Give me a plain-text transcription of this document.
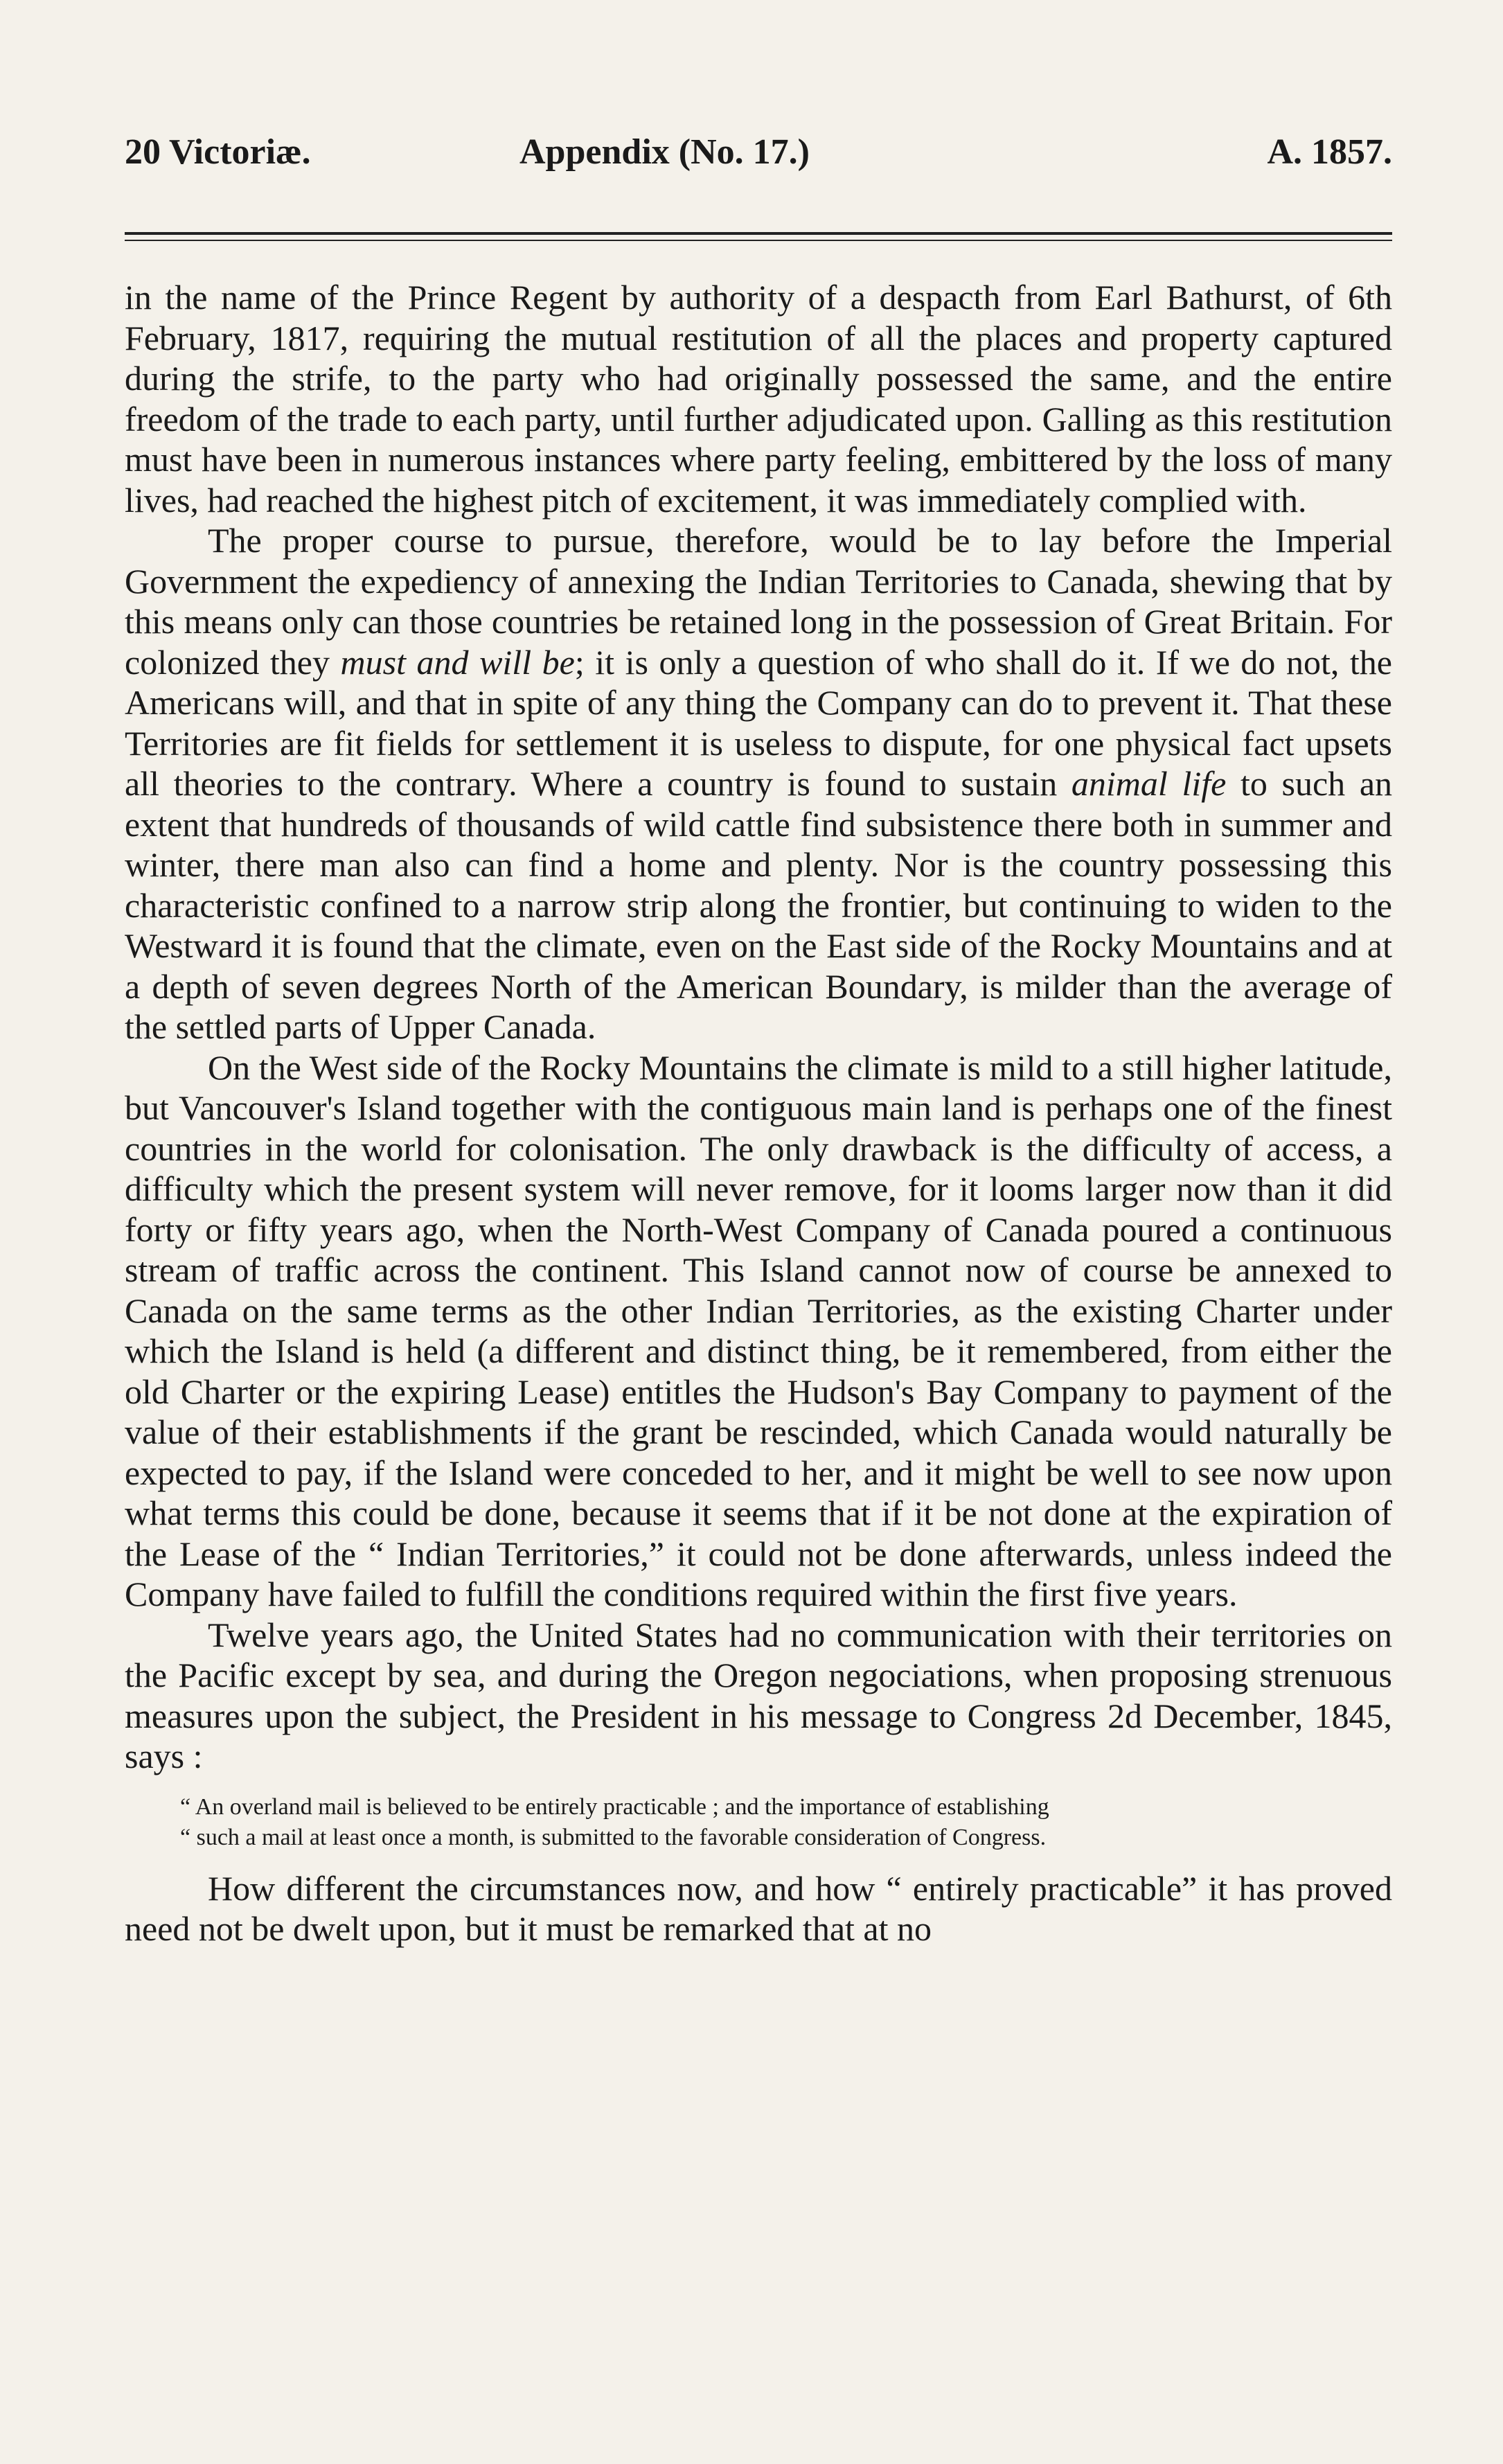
20 Victoriæ.	Appendix (No. 17.)	A. 1857.

in the name of the Prince Regent by authority of a despacth from Earl Bathurst, of 6th February, 1817, requiring the mutual restitution of all the places and property captured during the strife, to the party who had originally possessed the same, and the entire freedom of the trade to each party, until further adjudicated upon. Galling as this restitution must have been in numerous instances where party feeling, embittered by the loss of many lives, had reached the highest pitch of excitement, it was immediately complied with.

The proper course to pursue, therefore, would be to lay before the Imperial Government the expediency of annexing the Indian Territories to Canada, shewing that by this means only can those countries be retained long in the possession of Great Britain. For colonized they must and will be; it is only a question of who shall do it. If we do not, the Americans will, and that in spite of any thing the Company can do to prevent it. That these Territories are fit fields for settlement it is useless to dispute, for one physical fact upsets all theories to the contrary. Where a country is found to sustain animal life to such an extent that hundreds of thousands of wild cattle find subsistence there both in summer and winter, there man also can find a home and plenty. Nor is the country possessing this characteristic confined to a narrow strip along the frontier, but continuing to widen to the Westward it is found that the climate, even on the East side of the Rocky Mountains and at a depth of seven degrees North of the American Boundary, is milder than the average of the settled parts of Upper Canada.

On the West side of the Rocky Mountains the climate is mild to a still higher latitude, but Vancouver's Island together with the contiguous main land is perhaps one of the finest countries in the world for colonisation. The only drawback is the difficulty of access, a difficulty which the present system will never remove, for it looms larger now than it did forty or fifty years ago, when the North-West Company of Canada poured a continuous stream of traffic across the continent. This Island cannot now of course be annexed to Canada on the same terms as the other Indian Territories, as the existing Charter under which the Island is held (a different and distinct thing, be it remembered, from either the old Charter or the expiring Lease) entitles the Hudson's Bay Company to payment of the value of their establishments if the grant be rescinded, which Canada would naturally be expected to pay, if the Island were conceded to her, and it might be well to see now upon what terms this could be done, because it seems that if it be not done at the expiration of the Lease of the “ Indian Territories,” it could not be done afterwards, unless indeed the Company have failed to fulfill the conditions required within the first five years.

Twelve years ago, the United States had no communication with their territories on the Pacific except by sea, and during the Oregon negociations, when proposing strenuous measures upon the subject, the President in his message to Congress 2d December, 1845, says :

“ An overland mail is believed to be entirely practicable ; and the importance of establishing

“ such a mail at least once a month, is submitted to the favorable consideration of Congress.

How different the circumstances now, and how “ entirely practicable” it has proved need not be dwelt upon, but it must be remarked that at no
